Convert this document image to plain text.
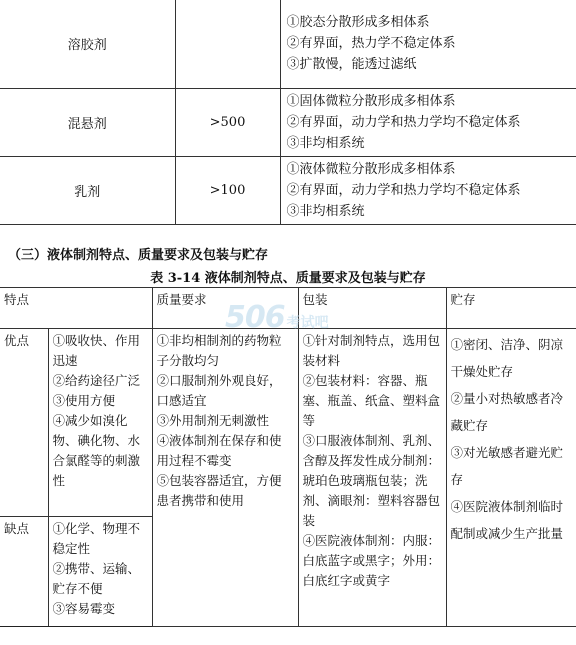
溶胶剂		①胶态分散形成多相体系
②有界面，热力学不稳定体系
③扩散慢，能透过滤纸

混悬剂	>500	①固体微粒分散形成多相体系
②有界面，动力学和热力学均不稳定体系
③非均相系统

乳剂	>100	①液体微粒分散形成多相体系
②有界面，动力学和热力学均不稳定体系
③非均相系统
（三）液体制剂特点、质量要求及包装与贮存
表 3-14 液体制剂特点、质量要求及包装与贮存
特点		质量要求	包装	贮存
优点	①吸收快、作用迅速
②给药途径广泛
③使用方便
④减少如溴化物、碘化物、水合氯醛等的刺激性	①非均相制剂的药物粒子分散均匀
②口服制剂外观良好，口感适宜
③外用制剂无刺激性
④液体制剂在保存和使用过程不霉变
⑤包装容器适宜，方便患者携带和使用	①针对制剂特点，选用包装材料
②包装材料：容器、瓶塞、瓶盖、纸盒、塑料盒等
③口服液体制剂、乳剂、含醇及挥发性成分制剂：琥珀色玻璃瓶包装；洗剂、滴眼剂：塑料容器包装
④医院液体制剂：内服：白底蓝字或黑字；外用：白底红字或黄字	①密闭、洁净、阴凉干燥处贮存
②量小对热敏感者冷藏贮存
③对光敏感者避光贮存
④医院液体制剂临时配制或减少生产批量

缺点	①化学、物理不稳定性
②携带、运输、贮存不便
③容易霉变			
506 考试吧
